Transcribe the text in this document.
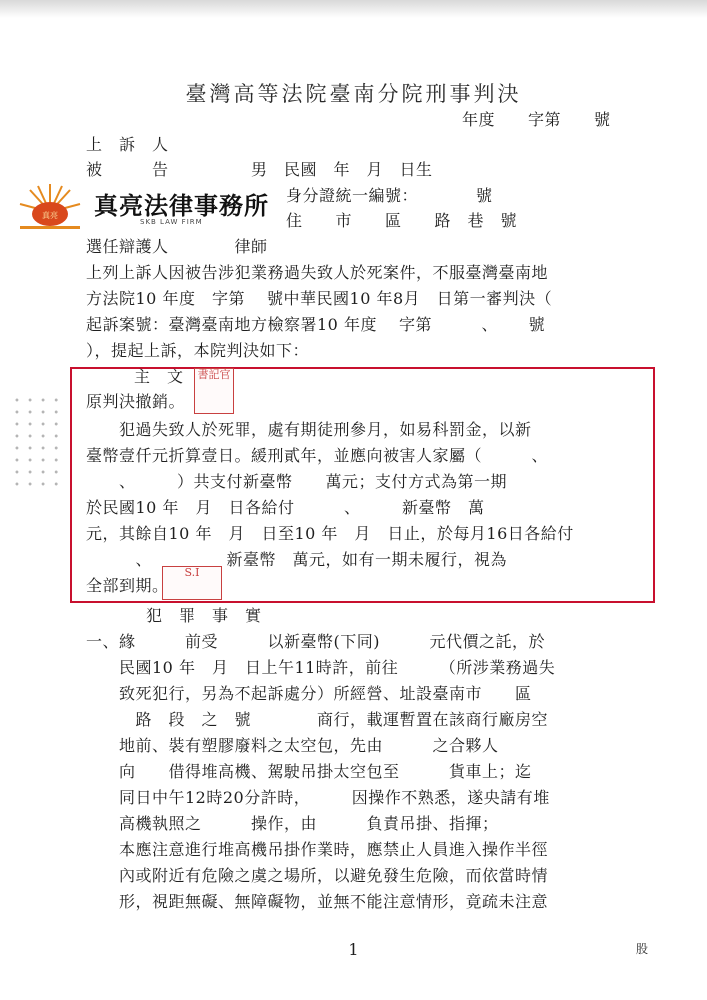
臺灣高等法院臺南分院刑事判決
年度　　字第　　號
上　訴　人
被　　　告　　　　　男　民國　年　月　日生
身分證統一編號：　　　　號
住　　市　　區　　路　巷　號
真亮 真亮法律事務所
SKB LAW FIRM
選任辯護人　　　　律師
上列上訴人因被告涉犯業務過失致人於死案件，不服臺灣臺南地
方法院10 年度　字第　 號中華民國10 年8月　日第一審判決（
起訴案號：臺灣臺南地方檢察署10 年度　 字第　　　、　　 號
），提起上訴，本院判決如下：
• • • •
• • • •
• • • •
• • • •
• • • •
• • • •
• • • •
• • • •
主　文	書記官
原判決撤銷。
　　犯過失致人於死罪，處有期徒刑參月，如易科罰金，以新
臺幣壹仟元折算壹日。緩刑貳年，並應向被害人家屬（　　　、
　　、　　　）共支付新臺幣　　萬元；支付方式為第一期
於民國10 年　月　日各給付　　　、　　　新臺幣　萬
元，其餘自10 年　月　日至10 年　月　日止，於每月16日各給付
　　　、　　　　　新臺幣　萬元，如有一期未履行，視為
全部到期。
S.I
犯　罪　事　實
一、緣　　　前受　　　以新臺幣(下同)　　　元代價之託，於
　　民國10 年　月　日上午11時許，前往　　　（所涉業務過失
　　致死犯行，另為不起訴處分）所經營、址設臺南市　　區
　　　路　段　之　號　　　　商行，載運暫置在該商行廠房空
　　地前、裝有塑膠廢料之太空包，先由　　　之合夥人
　　向　　借得堆高機、駕駛吊掛太空包至　　　貨車上；迄
　　同日中午12時20分許時，　　　因操作不熟悉，遂央請有堆
　　高機執照之　　　操作，由　　　負責吊掛、指揮；
　　本應注意進行堆高機吊掛作業時，應禁止人員進入操作半徑
　　內或附近有危險之虞之場所，以避免發生危險，而依當時情
　　形，視距無礙、無障礙物，並無不能注意情形，竟疏未注意
1	股
